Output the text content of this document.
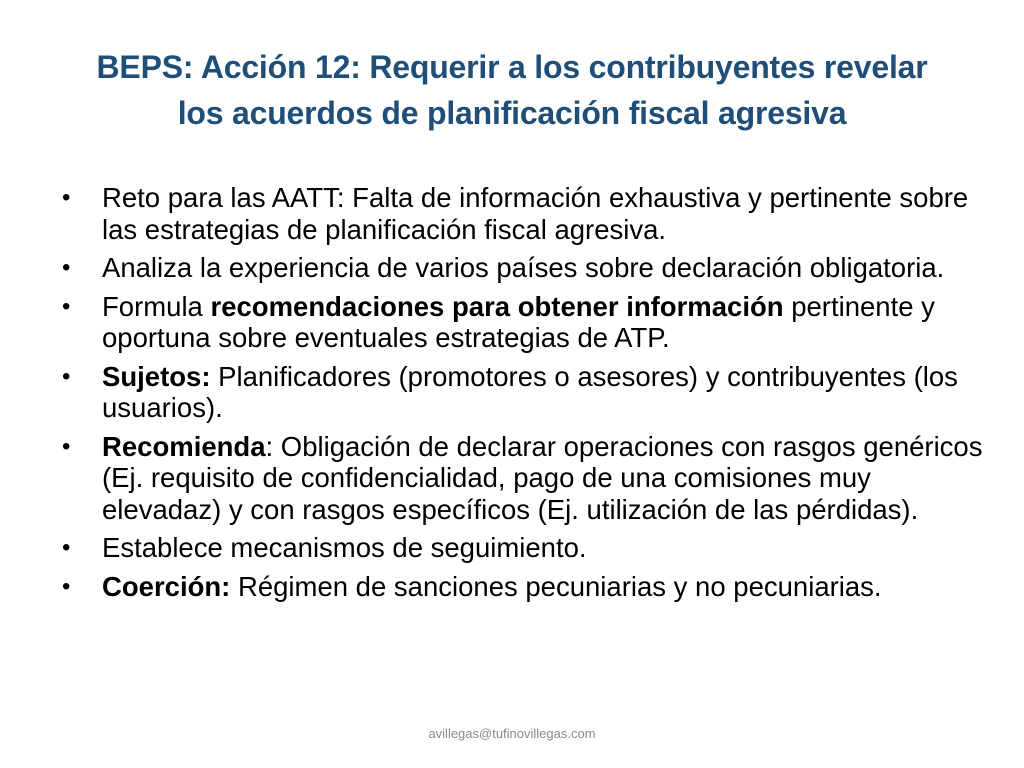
BEPS: Acción 12: Requerir a los contribuyentes revelar
los acuerdos de planificación fiscal agresiva
• Reto para las AATT: Falta de información exhaustiva y pertinente sobre las estrategias de planificación fiscal agresiva.
• Analiza la experiencia de varios países sobre declaración obligatoria.
• Formula recomendaciones para obtener información pertinente y oportuna sobre eventuales estrategias de ATP.
• Sujetos: Planificadores (promotores o asesores) y contribuyentes (los usuarios).
• Recomienda: Obligación de declarar operaciones con rasgos genéricos (Ej. requisito de confidencialidad, pago de una comisiones muy elevadaz) y con rasgos específicos (Ej. utilización de las pérdidas).
• Establece mecanismos de seguimiento.
• Coerción: Régimen de sanciones pecuniarias y no pecuniarias.
avillegas@tufinovillegas.com
